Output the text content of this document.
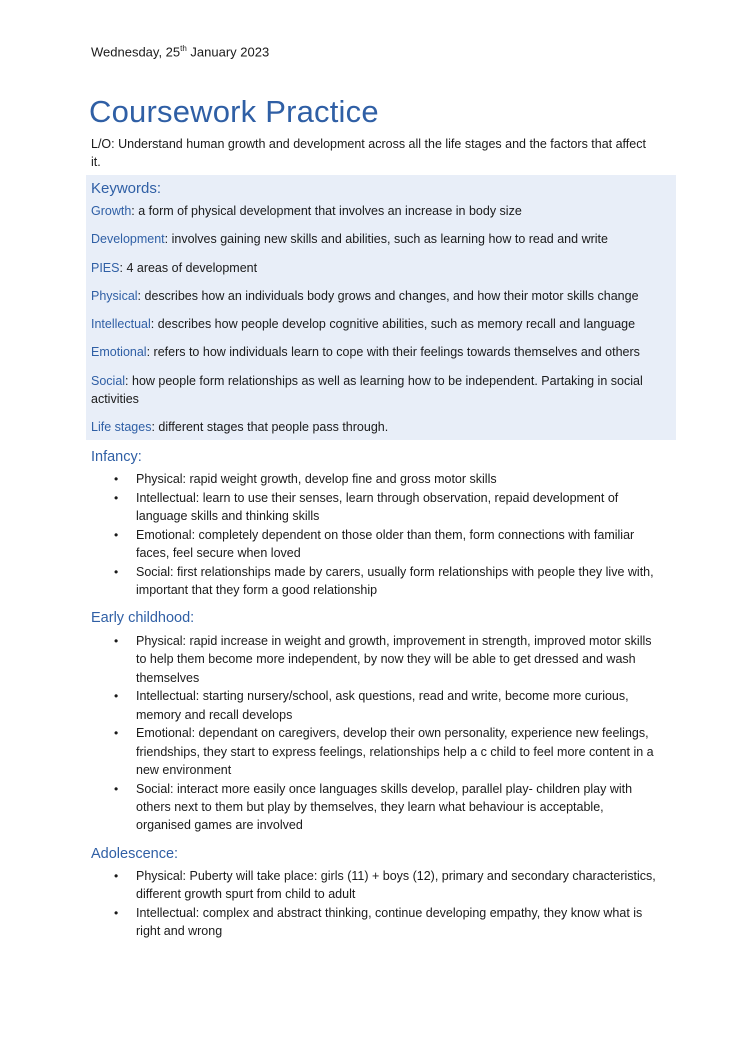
Wednesday, 25th January 2023
Coursework Practice
L/O: Understand human growth and development across all the life stages and the factors that affect it.
Keywords:
Growth: a form of physical development that involves an increase in body size
Development: involves gaining new skills and abilities, such as learning how to read and write
PIES: 4 areas of development
Physical: describes how an individuals body grows and changes, and how their motor skills change
Intellectual: describes how people develop cognitive abilities, such as memory recall and language
Emotional: refers to how individuals learn to cope with their feelings towards themselves and others
Social: how people form relationships as well as learning how to be independent. Partaking in social activities
Life stages: different stages that people pass through.
Infancy:
• Physical: rapid weight growth, develop fine and gross motor skills
• Intellectual: learn to use their senses, learn through observation, repaid development of language skills and thinking skills
• Emotional: completely dependent on those older than them, form connections with familiar faces, feel secure when loved
• Social: first relationships made by carers, usually form relationships with people they live with, important that they form a good relationship
Early childhood:
• Physical: rapid increase in weight and growth, improvement in strength, improved motor skills to help them become more independent, by now they will be able to get dressed and wash themselves
• Intellectual: starting nursery/school, ask questions, read and write, become more curious, memory and recall develops
• Emotional: dependant on caregivers, develop their own personality, experience new feelings, friendships, they start to express feelings, relationships help a c child to feel more content in a new environment
• Social: interact more easily once languages skills develop, parallel play- children play with others next to them but play by themselves, they learn what behaviour is acceptable, organised games are involved
Adolescence:
• Physical: Puberty will take place: girls (11) + boys (12), primary and secondary characteristics, different growth spurt from child to adult
• Intellectual: complex and abstract thinking, continue developing empathy, they know what is right and wrong
